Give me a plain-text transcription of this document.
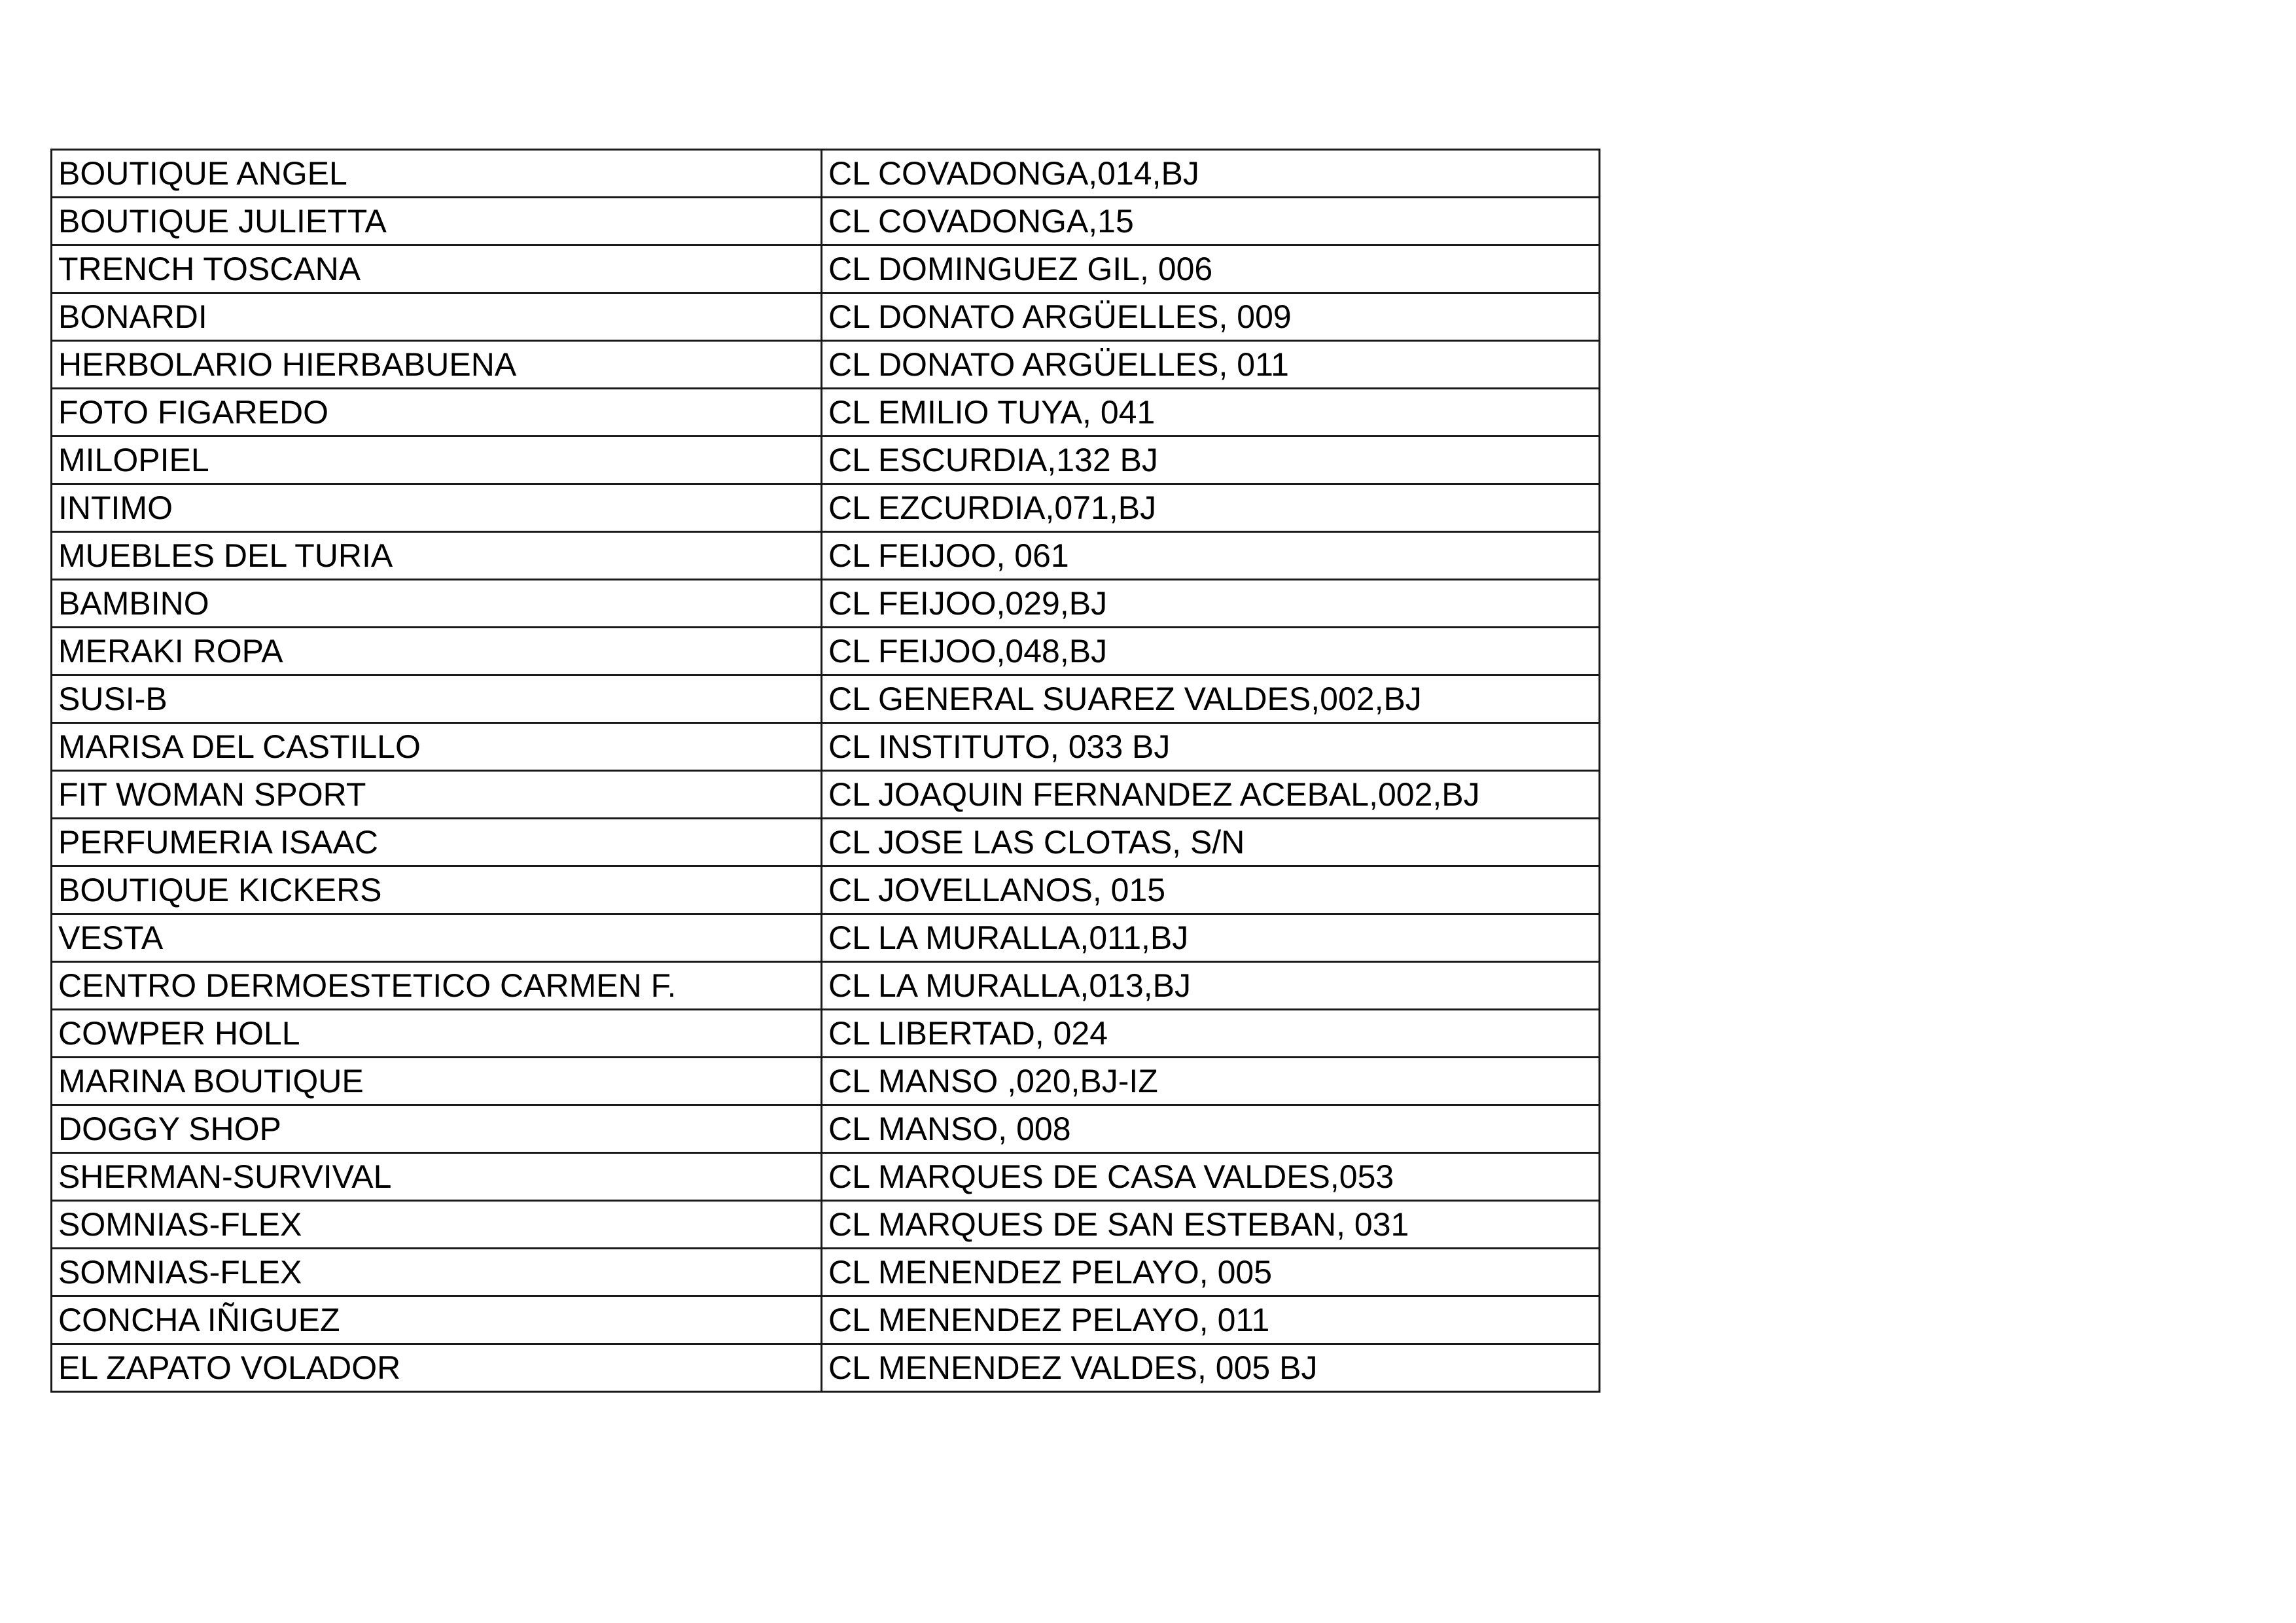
BOUTIQUE ANGEL	CL COVADONGA,014,BJ
BOUTIQUE JULIETTA	CL COVADONGA,15
TRENCH TOSCANA	CL DOMINGUEZ GIL, 006
BONARDI	CL DONATO ARGÜELLES, 009
HERBOLARIO HIERBABUENA	CL DONATO ARGÜELLES, 011
FOTO FIGAREDO	CL EMILIO TUYA, 041
MILOPIEL	CL ESCURDIA,132 BJ
INTIMO	CL EZCURDIA,071,BJ
MUEBLES DEL TURIA	CL FEIJOO, 061
BAMBINO	CL FEIJOO,029,BJ
MERAKI ROPA	CL FEIJOO,048,BJ
SUSI-B	CL GENERAL SUAREZ VALDES,002,BJ
MARISA DEL CASTILLO	CL INSTITUTO, 033 BJ
FIT WOMAN SPORT	CL JOAQUIN FERNANDEZ ACEBAL,002,BJ
PERFUMERIA ISAAC	CL JOSE LAS CLOTAS, S/N
BOUTIQUE KICKERS	CL JOVELLANOS, 015
VESTA	CL LA MURALLA,011,BJ
CENTRO DERMOESTETICO CARMEN F.	CL LA MURALLA,013,BJ
COWPER HOLL	CL LIBERTAD, 024
MARINA BOUTIQUE	CL MANSO ,020,BJ-IZ
DOGGY SHOP	CL MANSO, 008
SHERMAN-SURVIVAL	CL MARQUES DE CASA VALDES,053
SOMNIAS-FLEX	CL MARQUES DE SAN ESTEBAN, 031
SOMNIAS-FLEX	CL MENENDEZ PELAYO, 005
CONCHA IÑIGUEZ	CL MENENDEZ PELAYO, 011
EL ZAPATO VOLADOR	CL MENENDEZ VALDES, 005 BJ
